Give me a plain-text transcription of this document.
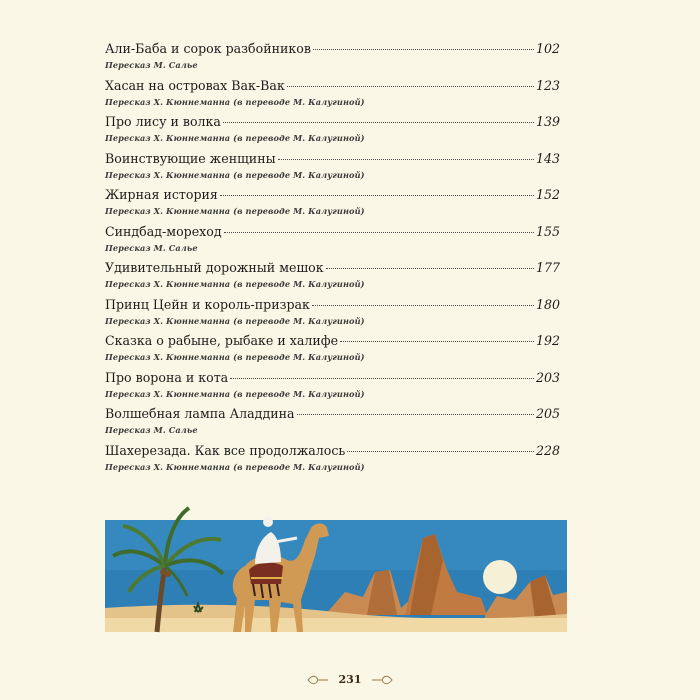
Али-Баба и сорок разбойников	102
Пересказ М. Салье
Хасан на островах Вак-Вак	123
Пересказ Х. Кюннеманна (в переводе М. Калугиной)
Про лису и волка	139
Пересказ Х. Кюннеманна (в переводе М. Калугиной)
Воинствующие женщины	143
Пересказ Х. Кюннеманна (в переводе М. Калугиной)
Жирная история	152
Пересказ Х. Кюннеманна (в переводе М. Калугиной)
Синдбад-мореход	155
Пересказ М. Салье
Удивительный дорожный мешок	177
Пересказ Х. Кюннеманна (в переводе М. Калугиной)
Принц Цейн и король-призрак	180
Пересказ Х. Кюннеманна (в переводе М. Калугиной)
Сказка о рабыне, рыбаке и халифе	192
Пересказ Х. Кюннеманна (в переводе М. Калугиной)
Про ворона и кота	203
Пересказ Х. Кюннеманна (в переводе М. Калугиной)
Волшебная лампа Аладдина	205
Пересказ М. Салье
Шахерезада. Как все продолжалось	228
Пересказ Х. Кюннеманна (в переводе М. Калугиной)
231
